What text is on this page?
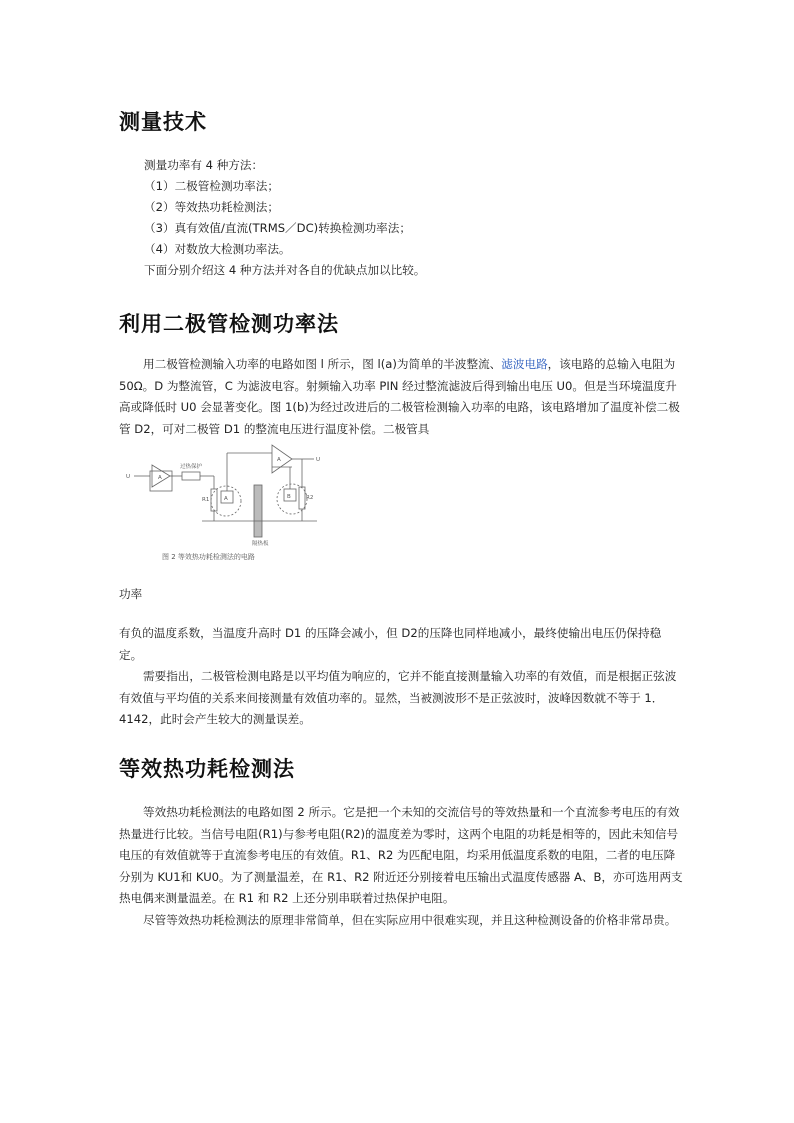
测量技术

测量功率有 4 种方法：

（1）二极管检测功率法；

（2）等效热功耗检测法；

（3）真有效值/直流(TRMS／DC)转换检测功率法；

（4）对数放大检测功率法。

下面分别介绍这 4 种方法并对各自的优缺点加以比较。

利用二极管检测功率法

用二极管检测输入功率的电路如图 l 所示，图 l(a)为简单的半波整流、滤波电路，该电路的总输入电阻为 50Ω。D 为整流管，C 为滤波电容。射频输入功率 PIN 经过整流滤波后得到输出电压 U0。但是当环境温度升高或降低时 U0 会显著变化。图 1(b)为经过改进后的二极管检测输入功率的电路，该电路增加了温度补偿二极管 D2，可对二极管 D1 的整流电压进行温度补偿。二极管具

U	A
过热保护
R1	A	B	R2
U
A
隔热板
图 2 等效热功耗检测法的电路

功率

有负的温度系数，当温度升高时 D1 的压降会减小，但 D2的压降也同样地减小，最终使输出电压仍保持稳定。

需要指出，二极管检测电路是以平均值为响应的，它并不能直接测量输入功率的有效值，而是根据正弦波有效值与平均值的关系来间接测量有效值功率的。显然，当被测波形不是正弦波时，波峰因数就不等于 1．4142，此时会产生较大的测量误差。

等效热功耗检测法

等效热功耗检测法的电路如图 2 所示。它是把一个未知的交流信号的等效热量和一个直流参考电压的有效热量进行比较。当信号电阻(R1)与参考电阻(R2)的温度差为零时，这两个电阻的功耗是相等的，因此未知信号电压的有效值就等于直流参考电压的有效值。R1、R2 为匹配电阻，均采用低温度系数的电阻，二者的电压降分别为 KU1和 KU0。为了测量温差，在 R1、R2 附近还分别接着电压输出式温度传感器 A、B，亦可选用两支热电偶来测量温差。在 R1 和 R2 上还分别串联着过热保护电阻。

尽管等效热功耗检测法的原理非常简单，但在实际应用中很难实现，并且这种检测设备的价格非常昂贵。
